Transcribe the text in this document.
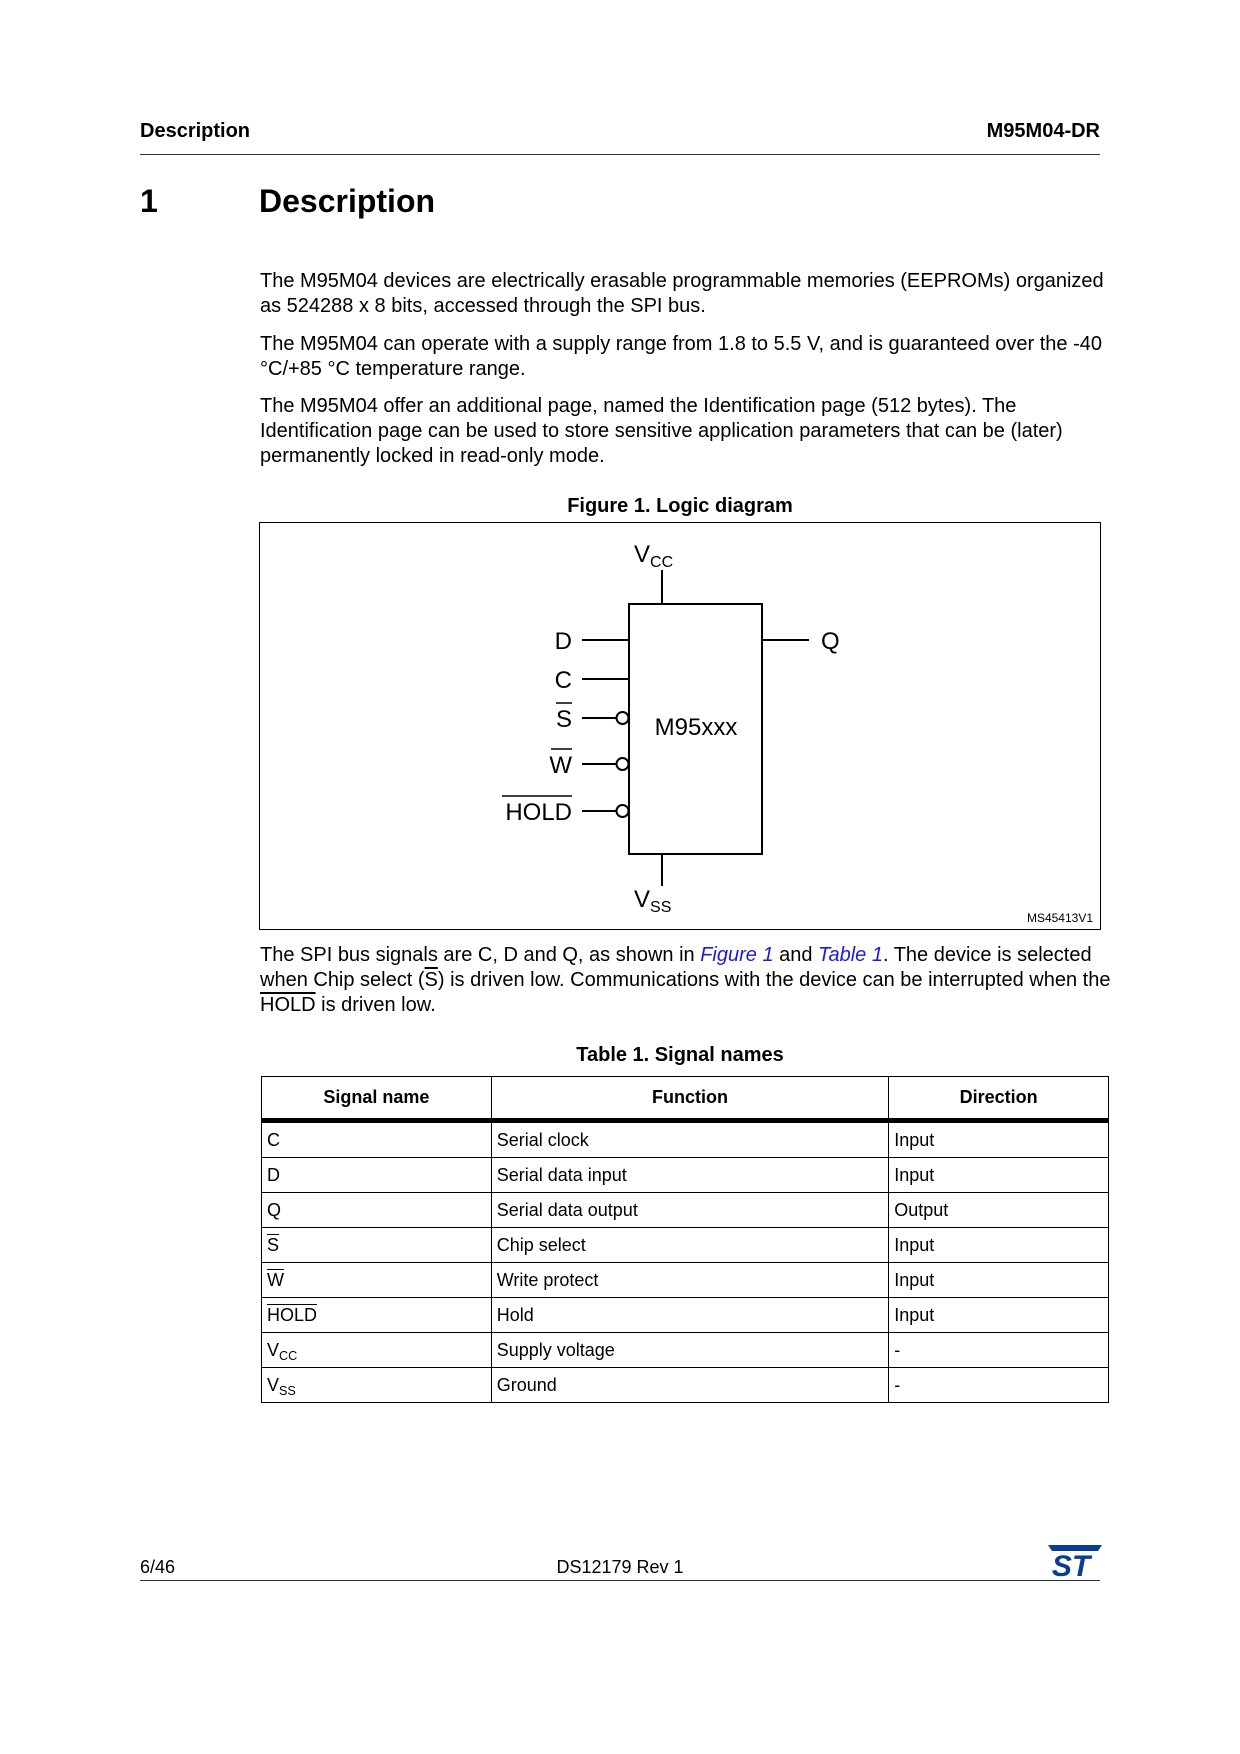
Description	M95M04-DR
1	Description

The M95M04 devices are electrically erasable programmable memories (EEPROMs) organized as 524288 x 8 bits, accessed through the SPI bus.

The M95M04 can operate with a supply range from 1.8 to 5.5 V, and is guaranteed over the -40 °C/+85 °C temperature range.

The M95M04 offer an additional page, named the Identification page (512 bytes). The Identification page can be used to store sensitive application parameters that can be (later) permanently locked in read-only mode.

Figure 1. Logic diagram
M95xxx
$V_{CC}$
$V_{SS}$
D
C
S
W
HOLD
Q
MS45413V1

The SPI bus signals are C, D and Q, as shown in Figure 1 and Table 1. The device is selected when Chip select $(\overline{S})$ is driven low. Communications with the device can be interrupted when the HOLD is driven low.

Table 1. Signal names
Signal name	Function	Direction
C	Serial clock	Input
D	Serial data input	Input
Q	Serial data output	Output
$\overline{S}$	Chip select	Input
$\overline{W}$	Write protect	Input
HOLD	Hold	Input
$V_{CC}$	Supply voltage	-
$V_{SS}$	Ground	-
6/46	DS12179 Rev 1	ST
